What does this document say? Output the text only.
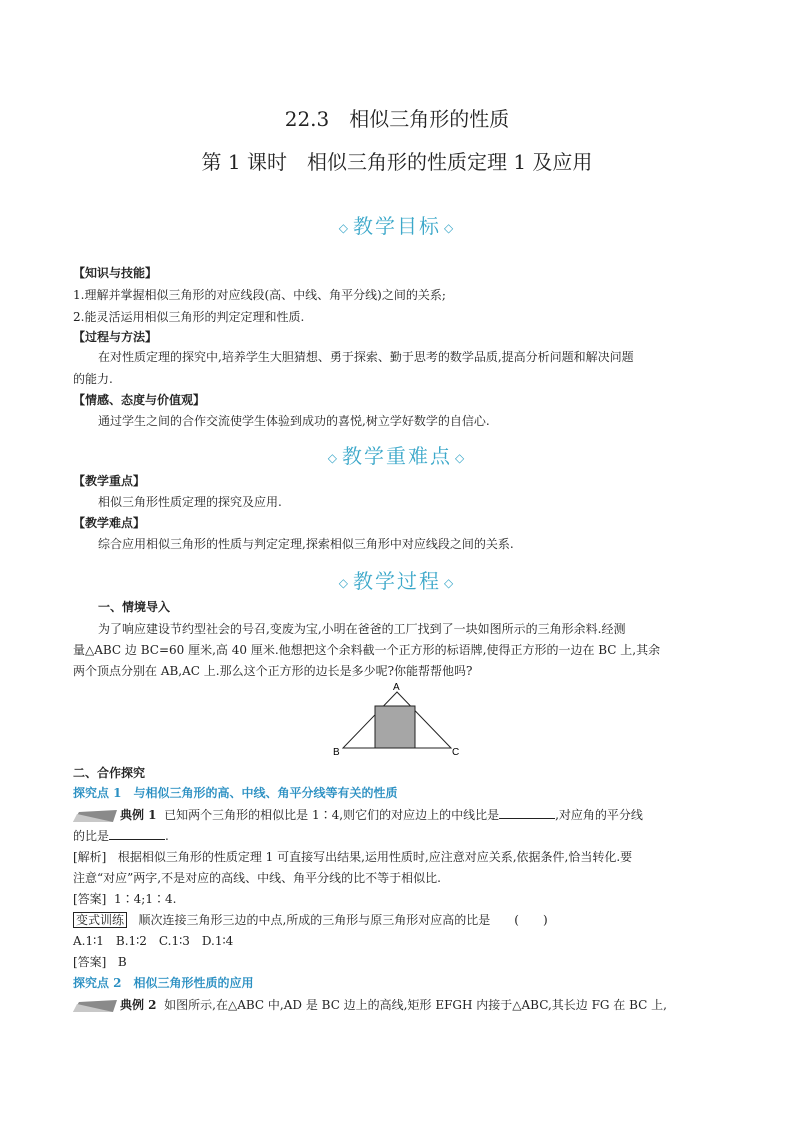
22.3　相似三角形的性质
第 1 课时　相似三角形的性质定理 1 及应用
◇ 教学目标 ◇
【知识与技能】
1.理解并掌握相似三角形的对应线段(高、中线、角平分线)之间的关系;
2.能灵活运用相似三角形的判定定理和性质.
【过程与方法】
在对性质定理的探究中,培养学生大胆猜想、勇于探索、勤于思考的数学品质,提高分析问题和解决问题
的能力.
【情感、态度与价值观】
通过学生之间的合作交流使学生体验到成功的喜悦,树立学好数学的自信心.
◇ 教学重难点 ◇
【教学重点】
相似三角形性质定理的探究及应用.
【教学难点】
综合应用相似三角形的性质与判定定理,探索相似三角形中对应线段之间的关系.
◇ 教学过程 ◇
一、情境导入
为了响应建设节约型社会的号召,变废为宝,小明在爸爸的工厂找到了一块如图所示的三角形余料.经测
量△ABC 边 BC=60 厘米,高 40 厘米.他想把这个余料截一个正方形的标语牌,使得正方形的一边在 BC 上,其余
两个顶点分别在 AB,AC 上.那么这个正方形的边长是多少呢?你能帮帮他吗?
A
B	C
二、合作探究
探究点 1　与相似三角形的高、中线、角平分线等有关的性质
典例 1 已知两个三角形的相似比是 1∶4,则它们的对应边上的中线比是	,对应角的平分线
的比是	.
[解析] 根据相似三角形的性质定理 1 可直接写出结果,运用性质时,应注意对应关系,依据条件,恰当转化.要
注意“对应”两字,不是对应的高线、中线、角平分线的比不等于相似比.
[答案] 1∶4;1∶4.
变式训练 顺次连接三角形三边的中点,所成的三角形与原三角形对应高的比是　　(　　)
A.1∶1　B.1∶2　C.1∶3　D.1∶4
[答案] B
探究点 2　相似三角形性质的应用
典例 2 如图所示,在△ABC 中,AD 是 BC 边上的高线,矩形 EFGH 内接于△ABC,其长边 FG 在 BC 上,
